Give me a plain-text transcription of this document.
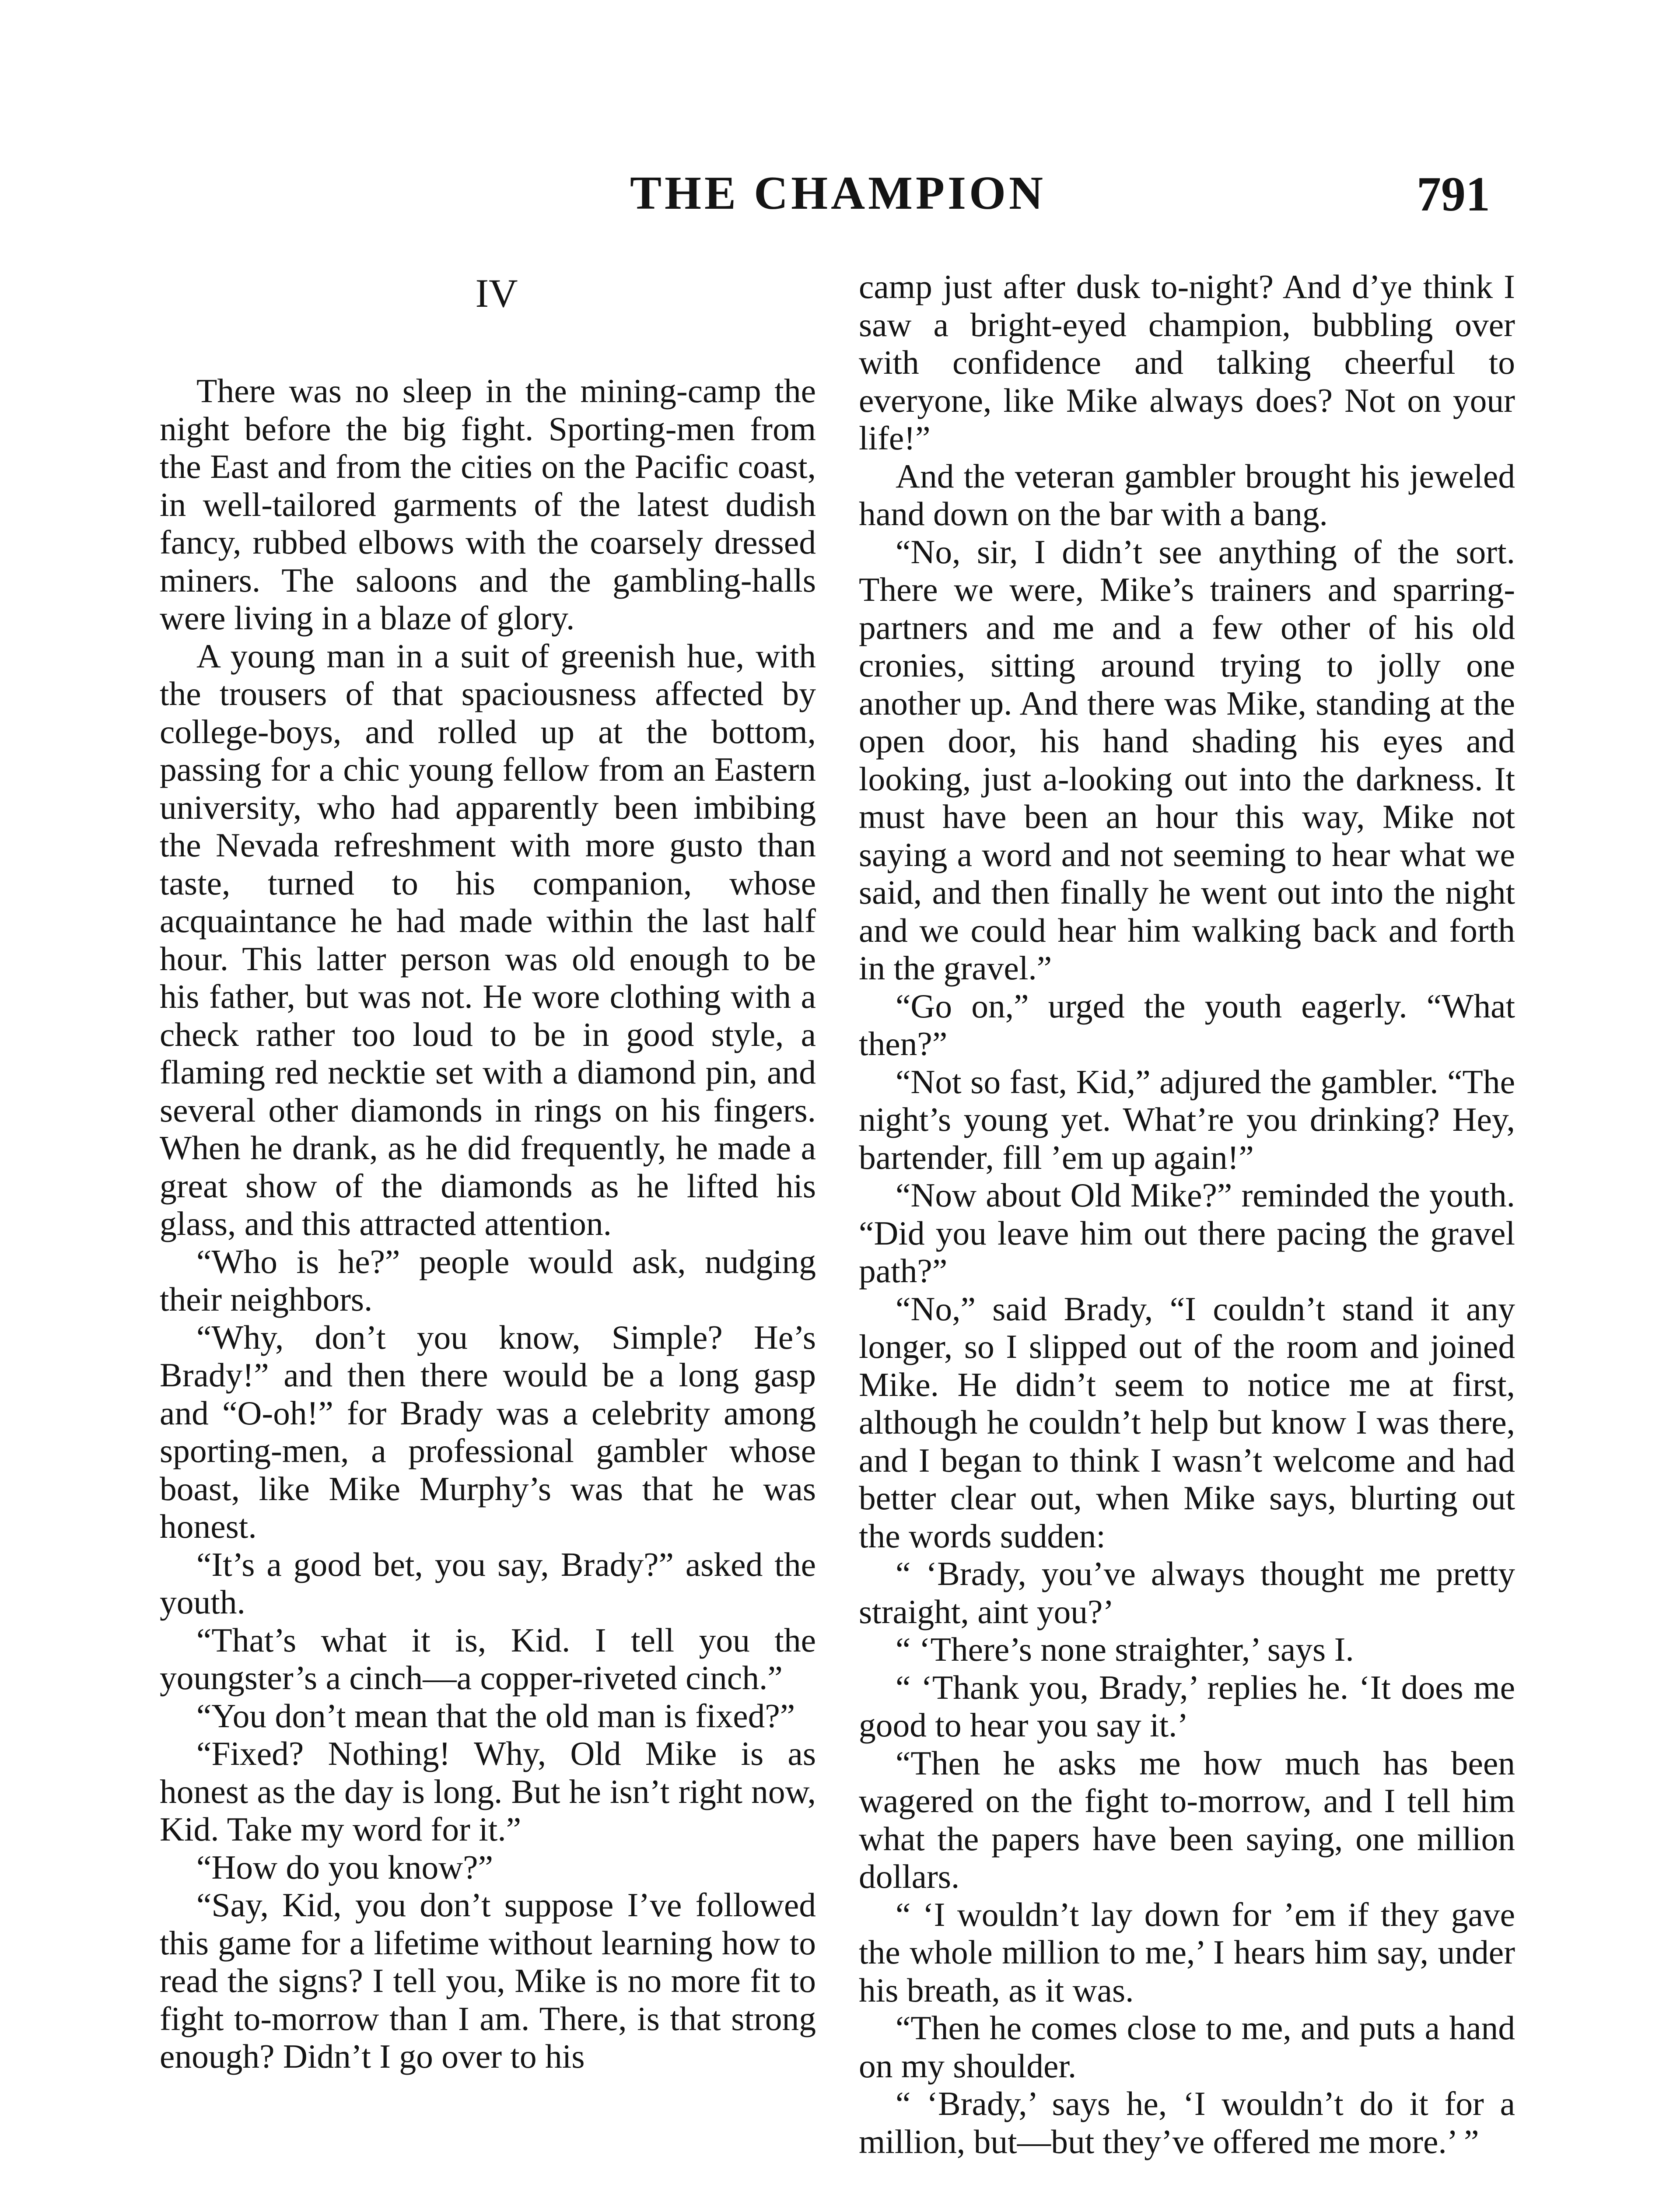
THE CHAMPION	791
IV

There was no sleep in the mining-camp the night before the big fight. Sporting-men from the East and from the cities on the Pacific coast, in well-tailored garments of the latest dudish fancy, rubbed elbows with the coarsely dressed miners. The saloons and the gambling-halls were living in a blaze of glory.

A young man in a suit of greenish hue, with the trousers of that spaciousness affected by college-boys, and rolled up at the bottom, passing for a chic young fellow from an Eastern university, who had apparently been imbibing the Nevada refreshment with more gusto than taste, turned to his companion, whose acquaintance he had made within the last half hour. This latter person was old enough to be his father, but was not. He wore clothing with a check rather too loud to be in good style, a flaming red necktie set with a diamond pin, and several other diamonds in rings on his fingers. When he drank, as he did frequently, he made a great show of the diamonds as he lifted his glass, and this attracted attention.

“Who is he?” people would ask, nudging their neighbors.

“Why, don’t you know, Simple? He’s Brady!” and then there would be a long gasp and “O-oh!” for Brady was a celebrity among sporting-men, a professional gambler whose boast, like Mike Murphy’s was that he was honest.

“It’s a good bet, you say, Brady?” asked the youth.

“That’s what it is, Kid. I tell you the youngster’s a cinch—a copper-riveted cinch.”

“You don’t mean that the old man is fixed?”

“Fixed? Nothing! Why, Old Mike is as honest as the day is long. But he isn’t right now, Kid. Take my word for it.”

“How do you know?”

“Say, Kid, you don’t suppose I’ve followed this game for a lifetime without learning how to read the signs? I tell you, Mike is no more fit to fight to-morrow than I am. There, is that strong enough? Didn’t I go over to his

camp just after dusk to-night? And d’ye think I saw a bright-eyed champion, bubbling over with confidence and talking cheerful to everyone, like Mike always does? Not on your life!”

And the veteran gambler brought his jeweled hand down on the bar with a bang.

“No, sir, I didn’t see anything of the sort. There we were, Mike’s trainers and sparring-partners and me and a few other of his old cronies, sitting around trying to jolly one another up. And there was Mike, standing at the open door, his hand shading his eyes and looking, just a-looking out into the darkness. It must have been an hour this way, Mike not saying a word and not seeming to hear what we said, and then finally he went out into the night and we could hear him walking back and forth in the gravel.”

“Go on,” urged the youth eagerly. “What then?”

“Not so fast, Kid,” adjured the gambler. “The night’s young yet. What’re you drinking? Hey, bartender, fill ’em up again!”

“Now about Old Mike?” reminded the youth. “Did you leave him out there pacing the gravel path?”

“No,” said Brady, “I couldn’t stand it any longer, so I slipped out of the room and joined Mike. He didn’t seem to notice me at first, although he couldn’t help but know I was there, and I began to think I wasn’t welcome and had better clear out, when Mike says, blurting out the words sudden:

“ ‘Brady, you’ve always thought me pretty straight, aint you?’

“ ‘There’s none straighter,’ says I.

“ ‘Thank you, Brady,’ replies he. ‘It does me good to hear you say it.’

“Then he asks me how much has been wagered on the fight to-morrow, and I tell him what the papers have been saying, one million dollars.

“ ‘I wouldn’t lay down for ’em if they gave the whole million to me,’ I hears him say, under his breath, as it was.

“Then he comes close to me, and puts a hand on my shoulder.

“ ‘Brady,’ says he, ‘I wouldn’t do it for a million, but—but they’ve offered me more.’ ”
